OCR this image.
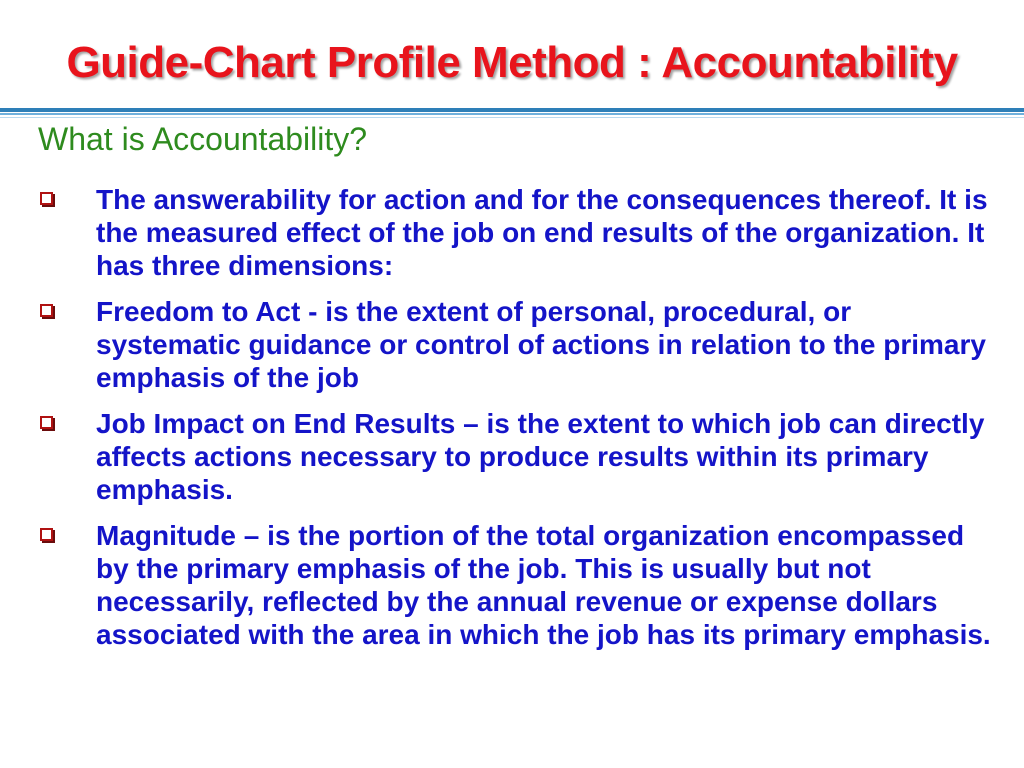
Guide-Chart Profile Method : Accountability
What is Accountability?
The answerability for action and for the consequences thereof. It is the measured effect of the job on end results of the organization. It has three dimensions:
Freedom to Act - is the extent of personal, procedural, or systematic guidance or control of actions in relation to the primary emphasis of the job
Job Impact on End Results – is the extent to which job can directly affects actions necessary to produce results within its primary emphasis.
Magnitude – is the portion of the total organization encompassed by the primary emphasis of the job. This is usually but not necessarily, reflected by the annual revenue or expense dollars associated with the area in which the job has its primary emphasis.
